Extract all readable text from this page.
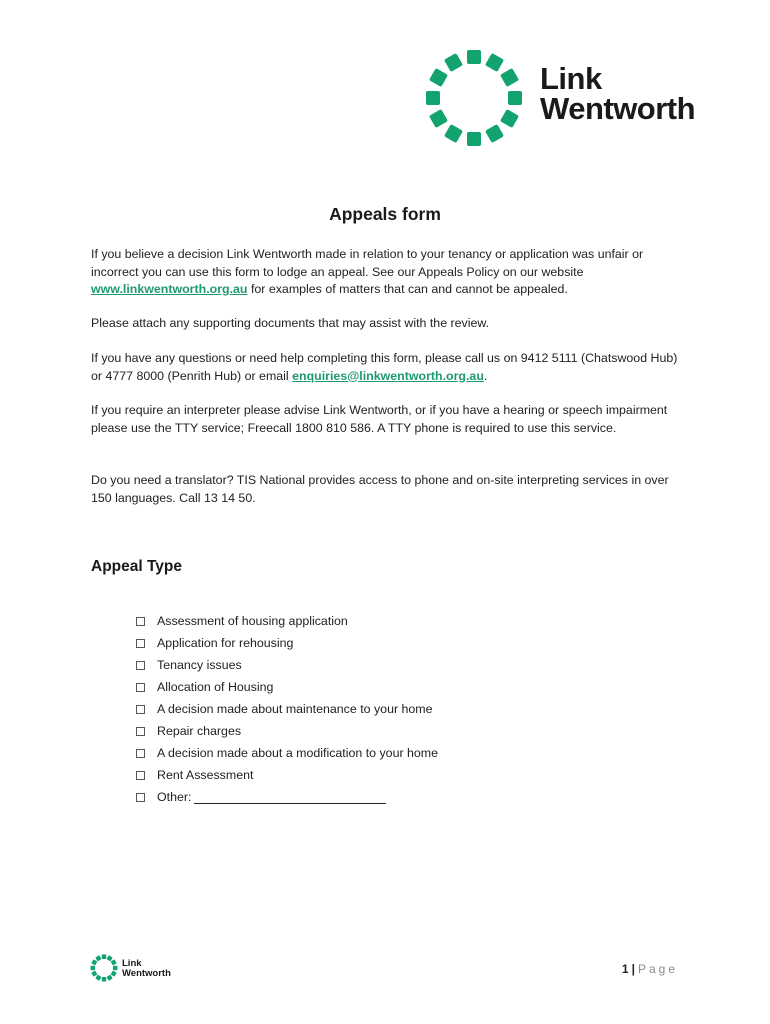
Link
Wentworth
Appeals form

If you believe a decision Link Wentworth made in relation to your tenancy or application was unfair or incorrect you can use this form to lodge an appeal. See our Appeals Policy on our website www.linkwentworth.org.au for examples of matters that can and cannot be appealed.

Please attach any supporting documents that may assist with the review.

If you have any questions or need help completing this form, please call us on 9412 5111 (Chatswood Hub) or 4777 8000 (Penrith Hub) or email enquiries@linkwentworth.org.au.

If you require an interpreter please advise Link Wentworth, or if you have a hearing or speech impairment please use the TTY service; Freecall 1800 810 586. A TTY phone is required to use this service.

Do you need a translator? TIS National provides access to phone and on-site interpreting services in over 150 languages. Call 13 14 50.

Appeal Type
Assessment of housing application
Application for rehousing
Tenancy issues
Allocation of Housing
A decision made about maintenance to your home
Repair charges
A decision made about a modification to your home
Rent Assessment
Other:
Link
Wentworth	1 | Page
